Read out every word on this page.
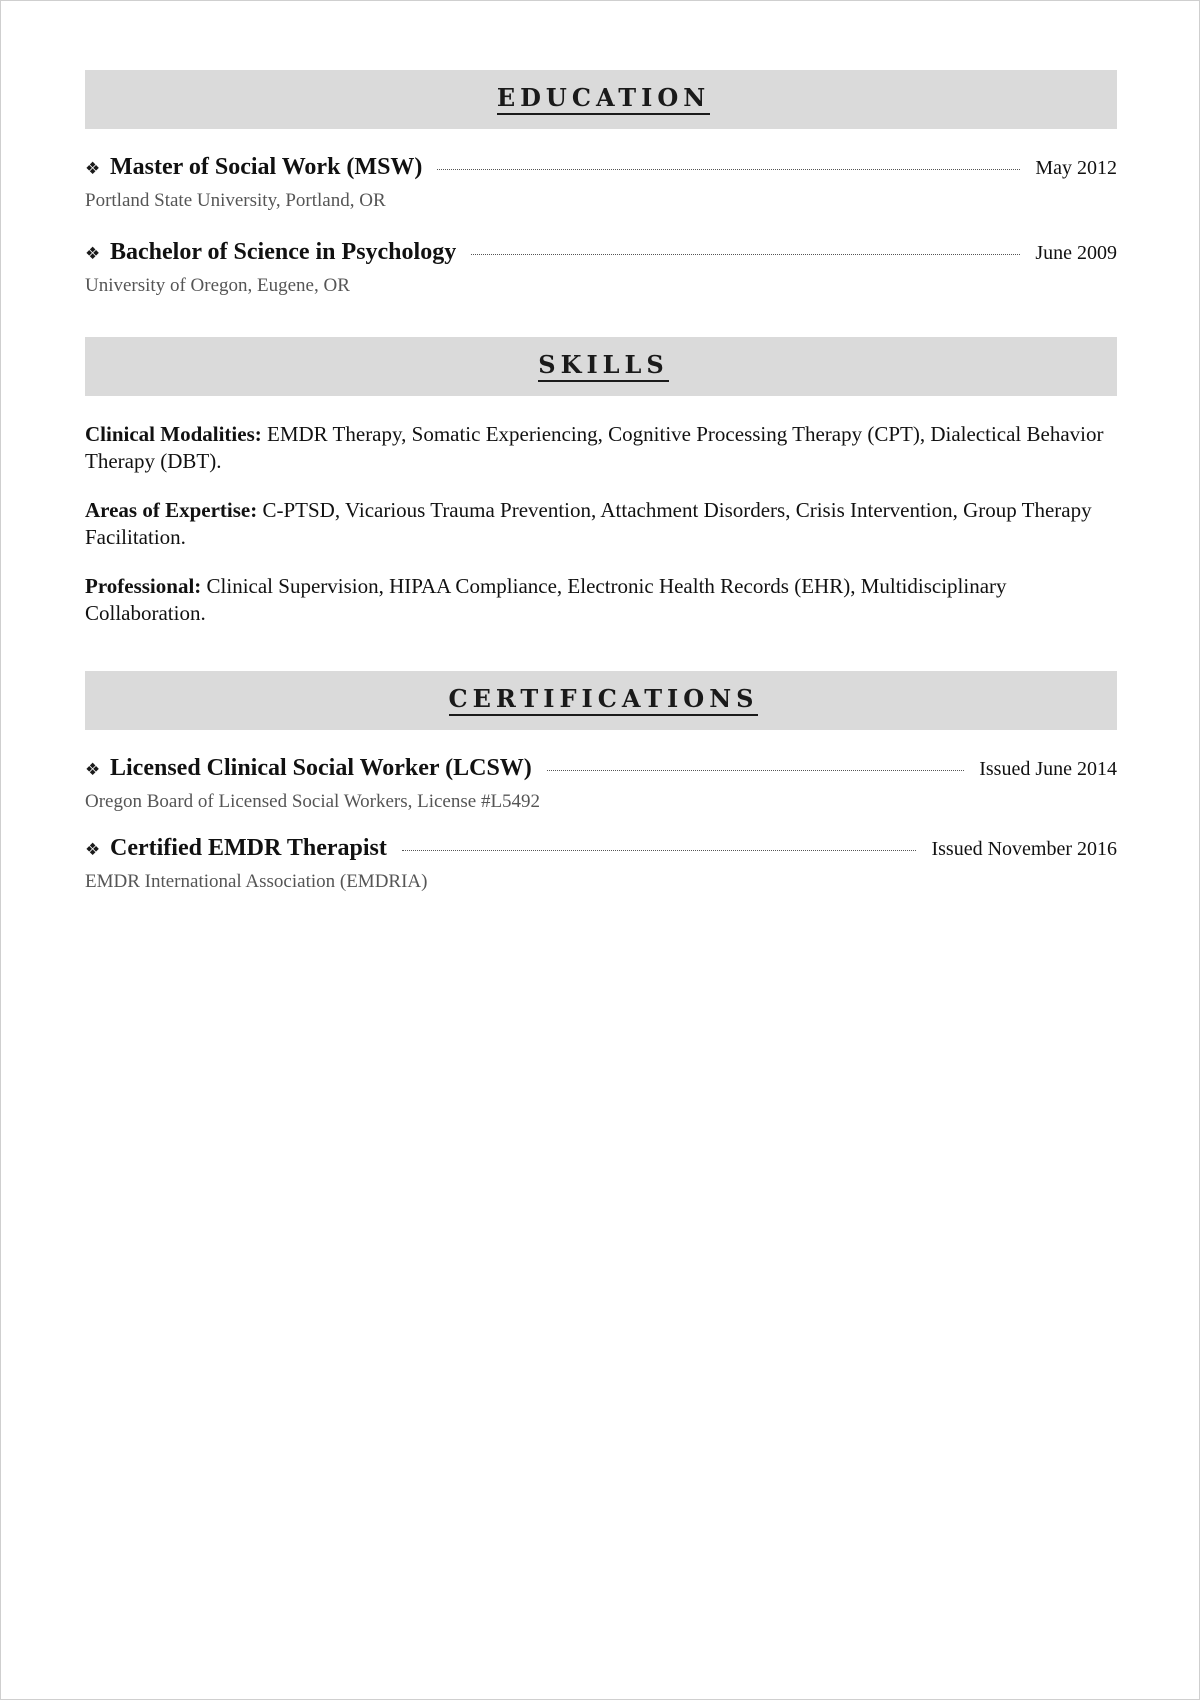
EDUCATION
❖ Master of Social Work (MSW)	May 2012
Portland State University, Portland, OR
❖ Bachelor of Science in Psychology	June 2009
University of Oregon, Eugene, OR
SKILLS

Clinical Modalities: EMDR Therapy, Somatic Experiencing, Cognitive Processing Therapy (CPT), Dialectical Behavior Therapy (DBT).

Areas of Expertise: C-PTSD, Vicarious Trauma Prevention, Attachment Disorders, Crisis Intervention, Group Therapy Facilitation.

Professional: Clinical Supervision, HIPAA Compliance, Electronic Health Records (EHR), Multidisciplinary Collaboration.

CERTIFICATIONS
❖ Licensed Clinical Social Worker (LCSW)	Issued June 2014
Oregon Board of Licensed Social Workers, License #L5492
❖ Certified EMDR Therapist	Issued November 2016
EMDR International Association (EMDRIA)
